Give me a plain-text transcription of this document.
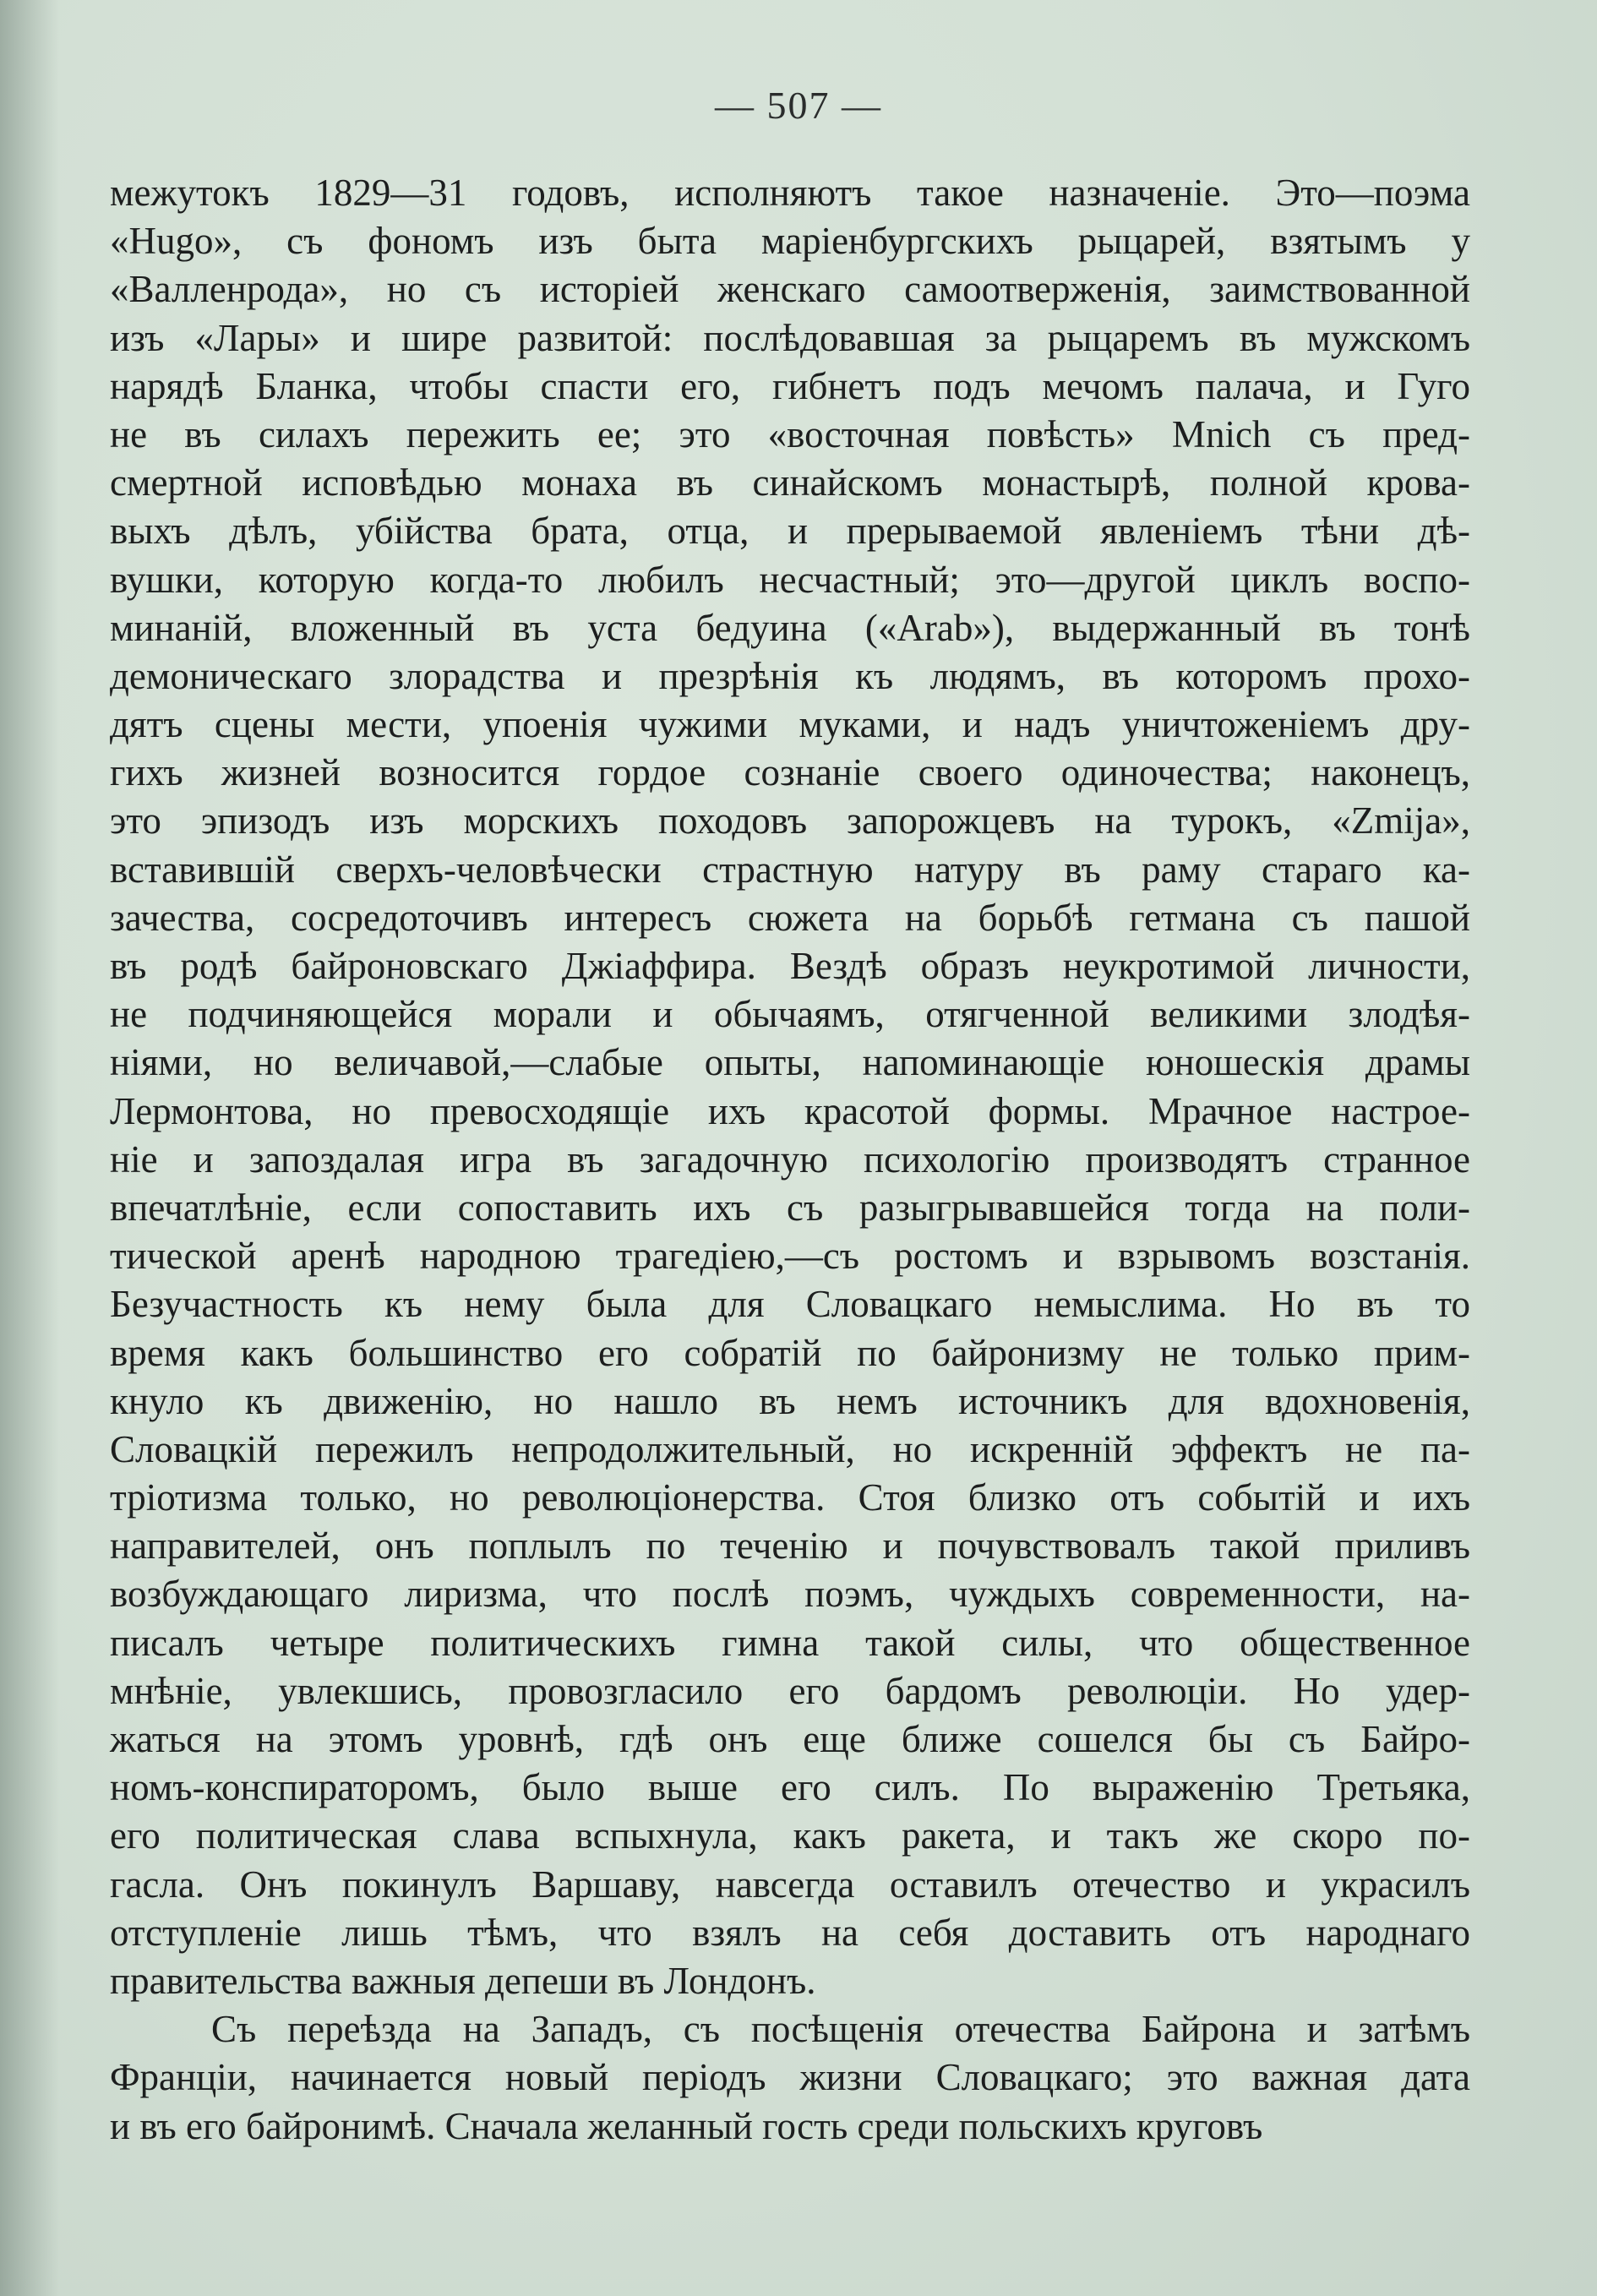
— 507 —
межутокъ 1829—31 годовъ, исполняютъ такое назначеніе. Это—поэма
«Hugo», съ фономъ изъ быта маріенбургскихъ рыцарей, взятымъ у
«Валленрода», но съ исторіей женскаго самоотверженія, заимствованной
изъ «Лары» и шире развитой: послѣдовавшая за рыцаремъ въ мужскомъ
нарядѣ Бланка, чтобы спасти его, гибнетъ подъ мечомъ палача, и Гуго
не въ силахъ пережить ее; это «восточная повѣсть» Mnich съ пред-
смертной исповѣдью монаха въ синайскомъ монастырѣ, полной крова-
выхъ дѣлъ, убійства брата, отца, и прерываемой явленіемъ тѣни дѣ-
вушки, которую когда-то любилъ несчастный; это—другой циклъ воспо-
минаній, вложенный въ уста бедуина («Arab»), выдержанный въ тонѣ
демоническаго злорадства и презрѣнія къ людямъ, въ которомъ прохо-
дятъ сцены мести, упоенія чужими муками, и надъ уничтоженіемъ дру-
гихъ жизней возносится гордое сознаніе своего одиночества; наконецъ,
это эпизодъ изъ морскихъ походовъ запорожцевъ на турокъ, «Zmija»,
вставившій сверхъ-человѣчески страстную натуру въ раму стараго ка-
зачества, сосредоточивъ интересъ сюжета на борьбѣ гетмана съ пашой
въ родѣ байроновскаго Джіаффира. Вездѣ образъ неукротимой личности,
не подчиняющейся морали и обычаямъ, отягченной великими злодѣя-
ніями, но величавой,—слабые опыты, напоминающіе юношескія драмы
Лермонтова, но превосходящіе ихъ красотой формы. Мрачное настрое-
ніе и запоздалая игра въ загадочную психологію производятъ странное
впечатлѣніе, если сопоставить ихъ съ разыгрывавшейся тогда на поли-
тической аренѣ народною трагедіею,—съ ростомъ и взрывомъ возстанія.
Безучастность къ нему была для Словацкаго немыслима. Но въ то
время какъ большинство его собратій по байронизму не только прим-
кнуло къ движенію, но нашло въ немъ источникъ для вдохновенія,
Словацкій пережилъ непродолжительный, но искренній эффектъ не па-
тріотизма только, но революціонерства. Стоя близко отъ событій и ихъ
направителей, онъ поплылъ по теченію и почувствовалъ такой приливъ
возбуждающаго лиризма, что послѣ поэмъ, чуждыхъ современности, на-
писалъ четыре политическихъ гимна такой силы, что общественное
мнѣніе, увлекшись, провозгласило его бардомъ революціи. Но удер-
жаться на этомъ уровнѣ, гдѣ онъ еще ближе сошелся бы съ Байро-
номъ-конспираторомъ, было выше его силъ. По выраженію Третьяка,
его политическая слава вспыхнула, какъ ракета, и такъ же скоро по-
гасла. Онъ покинулъ Варшаву, навсегда оставилъ отечество и украсилъ
отступленіе лишь тѣмъ, что взялъ на себя доставить отъ народнаго
правительства важныя депеши въ Лондонъ.
Съ переѣзда на Западъ, съ посѣщенія отечества Байрона и затѣмъ
Франціи, начинается новый періодъ жизни Словацкаго; это важная дата
и въ его байронимѣ. Сначала желанный гость среди польскихъ круговъ
